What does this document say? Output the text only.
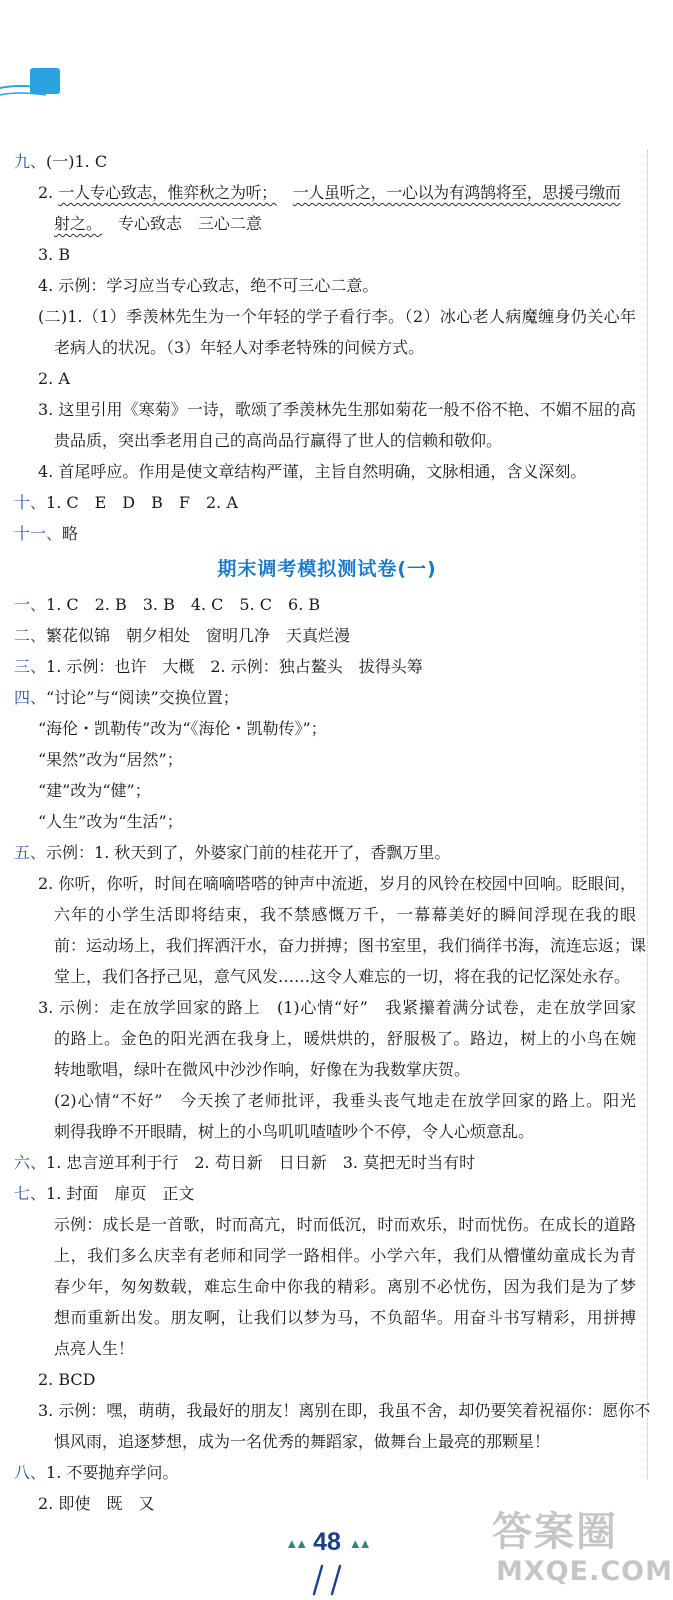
九、(一)1. C
2. 一人专心致志，惟弈秋之为听； 一人虽听之，一心以为有鸿鹄将至，思援弓缴而
射之。 专心致志　三心二意
3. B
4. 示例：学习应当专心致志，绝不可三心二意。
(二)1.（1）季羡林先生为一个年轻的学子看行李。（2）冰心老人病魔缠身仍关心年
老病人的状况。（3）年轻人对季老特殊的问候方式。
2. A
3. 这里引用《寒菊》一诗，歌颂了季羡林先生那如菊花一般不俗不艳、不媚不屈的高
贵品质，突出季老用自己的高尚品行赢得了世人的信赖和敬仰。
4. 首尾呼应。作用是使文章结构严谨，主旨自然明确，文脉相通，含义深刻。
十、1. C　E　D　B　F　2. A
十一、略
期末调考模拟测试卷(一)
一、1. C　2. B　3. B　4. C　5. C　6. B
二、繁花似锦　朝夕相处　窗明几净　天真烂漫
三、1. 示例：也许　大概　2. 示例：独占鳌头　拔得头筹
四、“讨论”与“阅读”交换位置；
“海伦・凯勒传”改为“《海伦・凯勒传》”；
“果然”改为“居然”；
“建”改为“健”；
“人生”改为“生活”；
五、示例：1. 秋天到了，外婆家门前的桂花开了，香飘万里。
2. 你听，你听，时间在嘀嘀嗒嗒的钟声中流逝，岁月的风铃在校园中回响。眨眼间，
六年的小学生活即将结束，我不禁感慨万千，一幕幕美好的瞬间浮现在我的眼
前：运动场上，我们挥洒汗水，奋力拼搏；图书室里，我们徜徉书海，流连忘返；课
堂上，我们各抒己见，意气风发……这令人难忘的一切，将在我的记忆深处永存。
3. 示例：走在放学回家的路上　(1)心情“好”　我紧攥着满分试卷，走在放学回家
的路上。金色的阳光洒在我身上，暖烘烘的，舒服极了。路边，树上的小鸟在婉
转地歌唱，绿叶在微风中沙沙作响，好像在为我数掌庆贺。
(2)心情“不好”　今天挨了老师批评，我垂头丧气地走在放学回家的路上。阳光
刺得我睁不开眼睛，树上的小鸟叽叽喳喳吵个不停，令人心烦意乱。
六、1. 忠言逆耳利于行　2. 苟日新　日日新　3. 莫把无时当有时
七、1. 封面　扉页　正文
示例：成长是一首歌，时而高亢，时而低沉，时而欢乐，时而忧伤。在成长的道路
上，我们多么庆幸有老师和同学一路相伴。小学六年，我们从懵懂幼童成长为青
春少年，匆匆数载，难忘生命中你我的精彩。离别不必忧伤，因为我们是为了梦
想而重新出发。朋友啊，让我们以梦为马，不负韶华。用奋斗书写精彩，用拼搏
点亮人生！
2. BCD
3. 示例：嘿，萌萌，我最好的朋友！离别在即，我虽不舍，却仍要笑着祝福你：愿你不
惧风雨，追逐梦想，成为一名优秀的舞蹈家，做舞台上最亮的那颗星！
八、1. 不要抛弃学问。
2. 即使　既　又
▲▲ 48 ▲▲	答案圈
MXQE.COM
